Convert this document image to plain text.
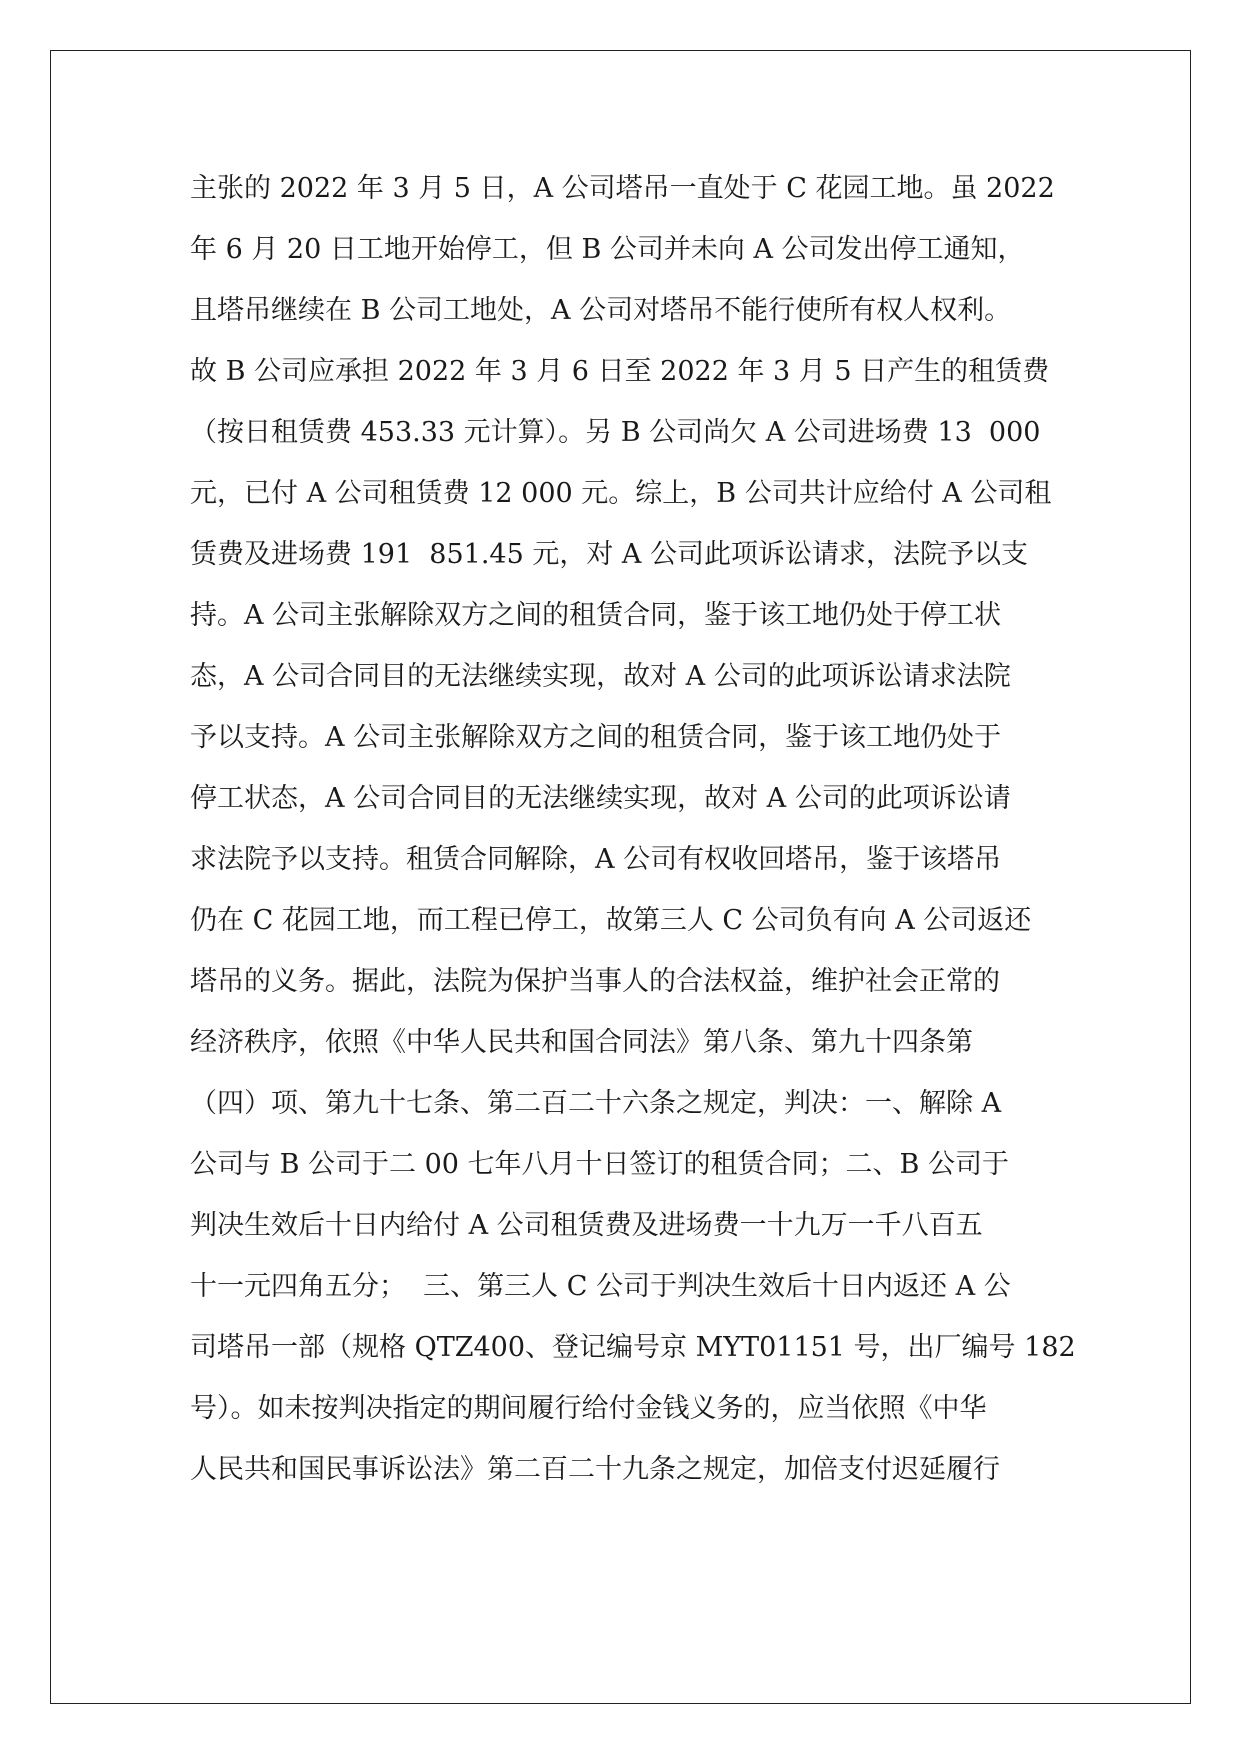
主张的 2022 年 3 月 5 日，A 公司塔吊一直处于 C 花园工地。虽 2022
年 6 月 20 日工地开始停工，但 B 公司并未向 A 公司发出停工通知，
且塔吊继续在 B 公司工地处，A 公司对塔吊不能行使所有权人权利。
故 B 公司应承担 2022 年 3 月 6 日至 2022 年 3 月 5 日产生的租赁费
（按日租赁费 453.33 元计算）。另 B 公司尚欠 A 公司进场费 13  000
元，已付 A 公司租赁费 12 000 元。综上，B 公司共计应给付 A 公司租
赁费及进场费 191  851.45 元，对 A 公司此项诉讼请求，法院予以支
持。A 公司主张解除双方之间的租赁合同，鉴于该工地仍处于停工状
态，A 公司合同目的无法继续实现，故对 A 公司的此项诉讼请求法院
予以支持。A 公司主张解除双方之间的租赁合同，鉴于该工地仍处于
停工状态，A 公司合同目的无法继续实现，故对 A 公司的此项诉讼请
求法院予以支持。租赁合同解除，A 公司有权收回塔吊，鉴于该塔吊
仍在 C 花园工地，而工程已停工，故第三人 C 公司负有向 A 公司返还
塔吊的义务。据此，法院为保护当事人的合法权益，维护社会正常的
经济秩序，依照《中华人民共和国合同法》第八条、第九十四条第
（四）项、第九十七条、第二百二十六条之规定，判决：一、解除 A
公司与 B 公司于二 00 七年八月十日签订的租赁合同；二、B 公司于
判决生效后十日内给付 A 公司租赁费及进场费一十九万一千八百五
十一元四角五分；  三、第三人 C 公司于判决生效后十日内返还 A 公
司塔吊一部（规格 QTZ400、登记编号京 MYT01151 号，出厂编号 182
号）。如未按判决指定的期间履行给付金钱义务的，应当依照《中华
人民共和国民事诉讼法》第二百二十九条之规定，加倍支付迟延履行
